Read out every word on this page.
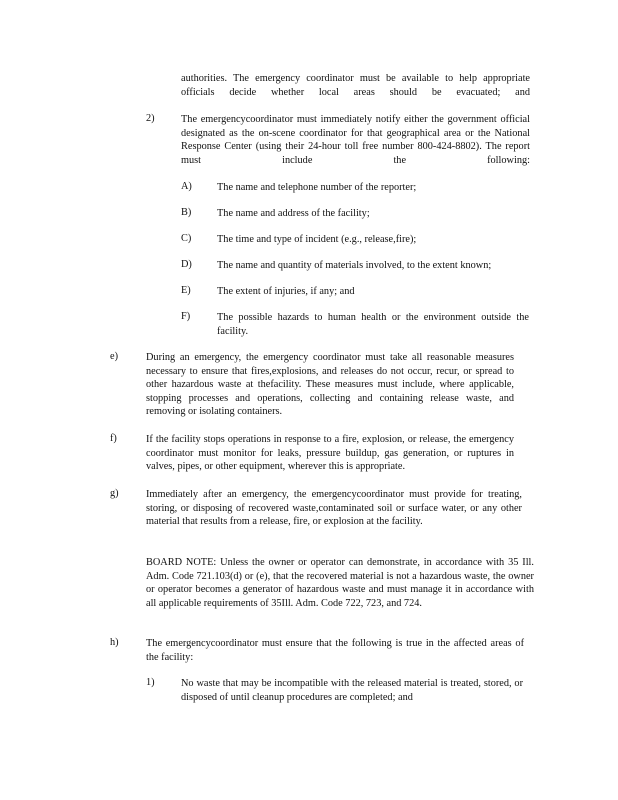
authorities. The emergency coordinator must be available to help appropriate officials decide whether local areas should be evacuated; and

2)	The emergencycoordinator must immediately notify either the government official designated as the on-scene coordinator for that geographical area or the National Response Center (using their 24-hour toll free number 800-424-8802). The report must include the following:

A) The name and telephone number of the reporter;

B) The name and address of the facility;

C) The time and type of incident (e.g., release,fire);

D) The name and quantity of materials involved, to the extent known;

E)	The extent of injuries, if any; and

F)	The possible hazards to human health or the environment outside the facility.

e)	During an emergency, the emergency coordinator must take all reasonable measures necessary to ensure that fires,explosions, and releases do not occur, recur, or spread to other hazardous waste at thefacility. These measures must include, where applicable, stopping processes and operations, collecting and containing release waste, and removing or isolating containers.

f)	If the facility stops operations in response to a fire, explosion, or release, the emergency coordinator must monitor for leaks, pressure buildup, gas generation, or ruptures in valves, pipes, or other equipment, wherever this is appropriate.

g)	Immediately after an emergency, the emergencycoordinator must provide for treating, storing, or disposing of recovered waste,contaminated soil or surface water, or any other material that results from a release, fire, or explosion at the facility.

BOARD NOTE: Unless the owner or operator can demonstrate, in accordance with 35 Ill. Adm. Code 721.103(d) or (e), that the recovered material is not a hazardous waste, the owner or operator becomes a generator of hazardous waste and must manage it in accordance with all applicable requirements of 35Ill. Adm. Code 722, 723, and 724.

h)	The emergencycoordinator must ensure that the following is true in the affected areas of the facility:

1)	No waste that may be incompatible with the released material is treated, stored, or disposed of until cleanup procedures are completed; and
